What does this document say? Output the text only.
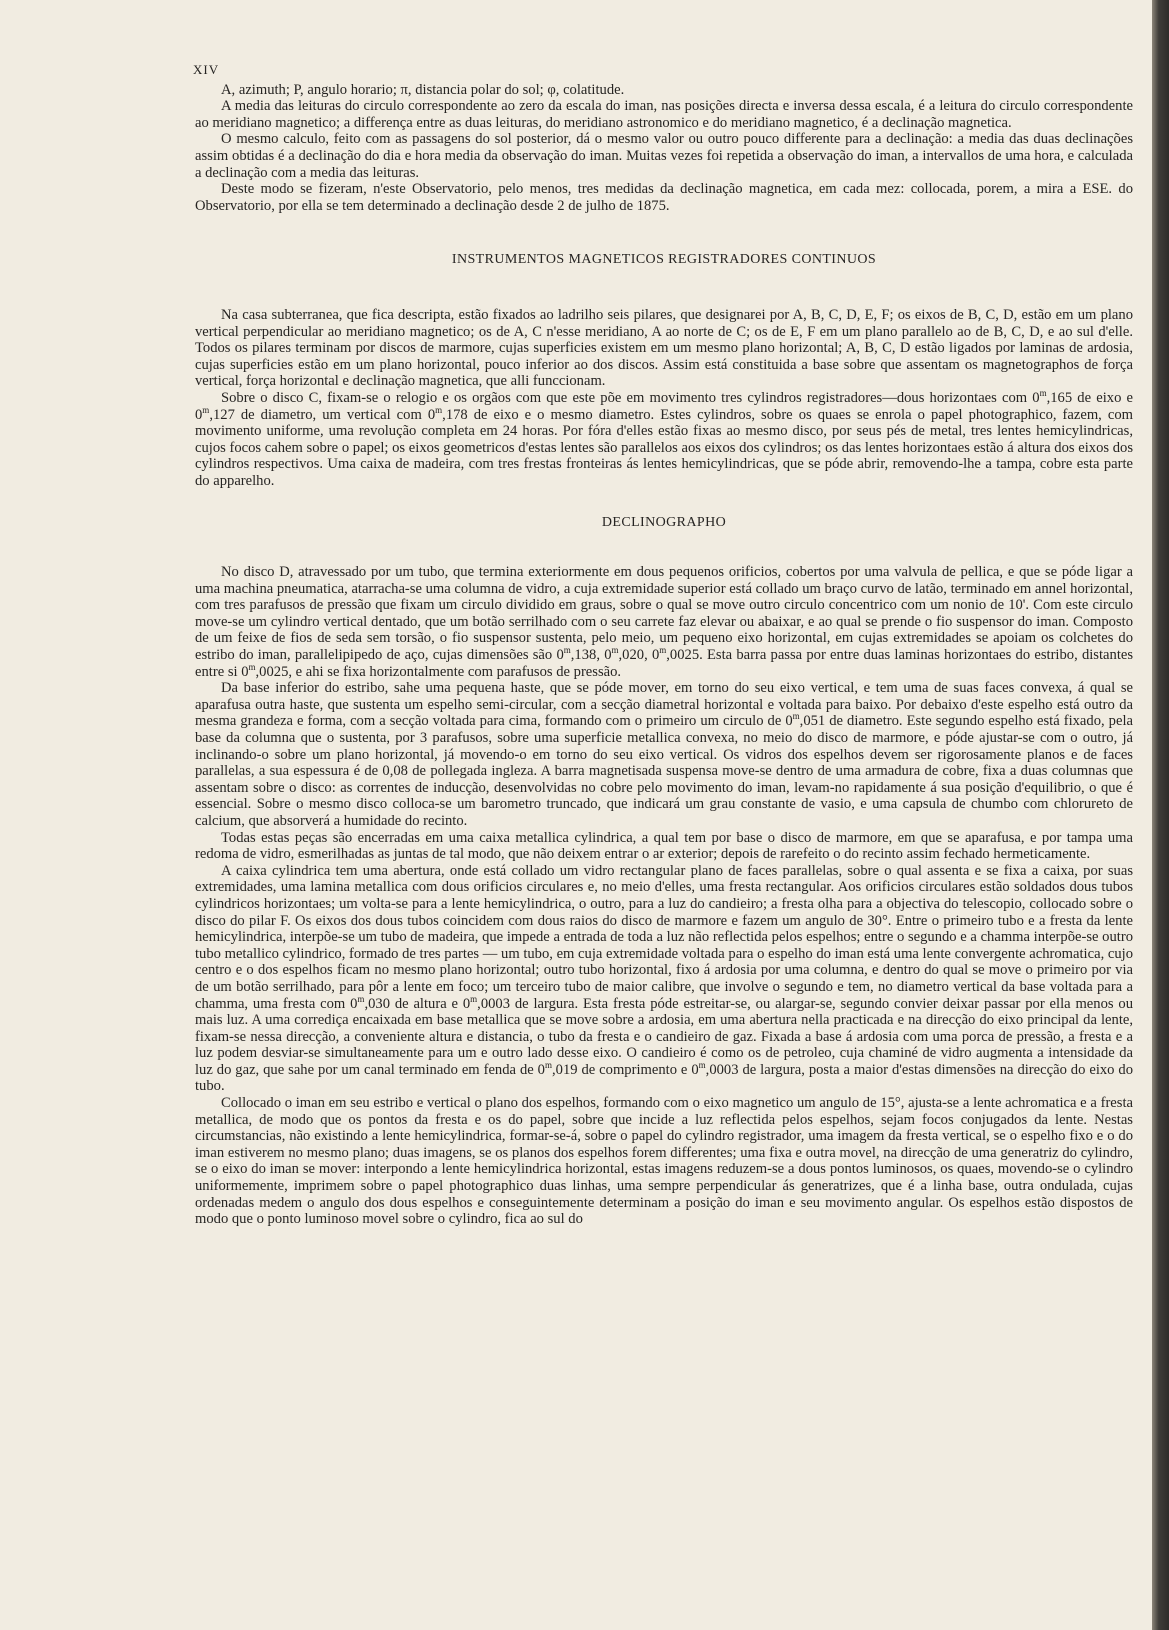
XIV

A, azimuth; P, angulo horario; π, distancia polar do sol; φ, colatitude.

A media das leituras do circulo correspondente ao zero da escala do iman, nas posições directa e inversa dessa escala, é a leitura do circulo correspondente ao meridiano magnetico; a differença entre as duas leituras, do meridiano astronomico e do meridiano magnetico, é a declinação magnetica.

O mesmo calculo, feito com as passagens do sol posterior, dá o mesmo valor ou outro pouco differente para a declinação: a media das duas declinações assim obtidas é a declinação do dia e hora media da observação do iman. Muitas vezes foi repetida a observação do iman, a intervallos de uma hora, e calculada a declinação com a media das leituras.

Deste modo se fizeram, n'este Observatorio, pelo menos, tres medidas da declinação magnetica, em cada mez: collocada, porem, a mira a ESE. do Observatorio, por ella se tem determinado a declinação desde 2 de julho de 1875.

INSTRUMENTOS MAGNETICOS REGISTRADORES CONTINUOS

Na casa subterranea, que fica descripta, estão fixados ao ladrilho seis pilares, que designarei por A, B, C, D, E, F; os eixos de B, C, D, estão em um plano vertical perpendicular ao meridiano magnetico; os de A, C n'esse meridiano, A ao norte de C; os de E, F em um plano parallelo ao de B, C, D, e ao sul d'elle. Todos os pilares terminam por discos de marmore, cujas superficies existem em um mesmo plano horizontal; A, B, C, D estão ligados por laminas de ardosia, cujas superficies estão em um plano horizontal, pouco inferior ao dos discos. Assim está constituida a base sobre que assentam os magnetographos de força vertical, força horizontal e declinação magnetica, que alli funccionam.

Sobre o disco C, fixam-se o relogio e os orgãos com que este põe em movimento tres cylindros registradores—dous horizontaes com 0$^m$,165 de eixo e 0$^m$,127 de diametro, um vertical com 0$^m$,178 de eixo e o mesmo diametro. Estes cylindros, sobre os quaes se enrola o papel photographico, fazem, com movimento uniforme, uma revolução completa em 24 horas. Por fóra d'elles estão fixas ao mesmo disco, por seus pés de metal, tres lentes hemicylindricas, cujos focos cahem sobre o papel; os eixos geometricos d'estas lentes são parallelos aos eixos dos cylindros; os das lentes horizontaes estão á altura dos eixos dos cylindros respectivos. Uma caixa de madeira, com tres frestas fronteiras ás lentes hemicylindricas, que se póde abrir, removendo-lhe a tampa, cobre esta parte do apparelho.

DECLINOGRAPHO

No disco D, atravessado por um tubo, que termina exteriormente em dous pequenos orificios, cobertos por uma valvula de pellica, e que se póde ligar a uma machina pneumatica, atarracha-se uma columna de vidro, a cuja extremidade superior está collado um braço curvo de latão, terminado em annel horizontal, com tres parafusos de pressão que fixam um circulo dividido em graus, sobre o qual se move outro circulo concentrico com um nonio de 10'. Com este circulo move-se um cylindro vertical dentado, que um botão serrilhado com o seu carrete faz elevar ou abaixar, e ao qual se prende o fio suspensor do iman. Composto de um feixe de fios de seda sem torsão, o fio suspensor sustenta, pelo meio, um pequeno eixo horizontal, em cujas extremidades se apoiam os colchetes do estribo do iman, parallelipipedo de aço, cujas dimensões são 0$^m$,138, 0$^m$,020, 0$^m$,0025. Esta barra passa por entre duas laminas horizontaes do estribo, distantes entre si 0$^m$,0025, e ahi se fixa horizontalmente com parafusos de pressão.

Da base inferior do estribo, sahe uma pequena haste, que se póde mover, em torno do seu eixo vertical, e tem uma de suas faces convexa, á qual se aparafusa outra haste, que sustenta um espelho semi-circular, com a secção diametral horizontal e voltada para baixo. Por debaixo d'este espelho está outro da mesma grandeza e forma, com a secção voltada para cima, formando com o primeiro um circulo de 0$^m$,051 de diametro. Este segundo espelho está fixado, pela base da columna que o sustenta, por 3 parafusos, sobre uma superficie metallica convexa, no meio do disco de marmore, e póde ajustar-se com o outro, já inclinando-o sobre um plano horizontal, já movendo-o em torno do seu eixo vertical. Os vidros dos espelhos devem ser rigorosamente planos e de faces parallelas, a sua espessura é de 0,08 de pollegada ingleza. A barra magnetisada suspensa move-se dentro de uma armadura de cobre, fixa a duas columnas que assentam sobre o disco: as correntes de inducção, desenvolvidas no cobre pelo movimento do iman, levam-no rapidamente á sua posição d'equilibrio, o que é essencial. Sobre o mesmo disco colloca-se um barometro truncado, que indicará um grau constante de vasio, e uma capsula de chumbo com chlorureto de calcium, que absorverá a humidade do recinto.

Todas estas peças são encerradas em uma caixa metallica cylindrica, a qual tem por base o disco de marmore, em que se aparafusa, e por tampa uma redoma de vidro, esmerilhadas as juntas de tal modo, que não deixem entrar o ar exterior; depois de rarefeito o do recinto assim fechado hermeticamente.

A caixa cylindrica tem uma abertura, onde está collado um vidro rectangular plano de faces parallelas, sobre o qual assenta e se fixa a caixa, por suas extremidades, uma lamina metallica com dous orificios circulares e, no meio d'elles, uma fresta rectangular. Aos orificios circulares estão soldados dous tubos cylindricos horizontaes; um volta-se para a lente hemicylindrica, o outro, para a luz do candieiro; a fresta olha para a objectiva do telescopio, collocado sobre o disco do pilar F. Os eixos dos dous tubos coincidem com dous raios do disco de marmore e fazem um angulo de 30°. Entre o primeiro tubo e a fresta da lente hemicylindrica, interpõe-se um tubo de madeira, que impede a entrada de toda a luz não reflectida pelos espelhos; entre o segundo e a chamma interpõe-se outro tubo metallico cylindrico, formado de tres partes — um tubo, em cuja extremidade voltada para o espelho do iman está uma lente convergente achromatica, cujo centro e o dos espelhos ficam no mesmo plano horizontal; outro tubo horizontal, fixo á ardosia por uma columna, e dentro do qual se move o primeiro por via de um botão serrilhado, para pôr a lente em foco; um terceiro tubo de maior calibre, que involve o segundo e tem, no diametro vertical da base voltada para a chamma, uma fresta com 0$^m$,030 de altura e 0$^m$,0003 de largura. Esta fresta póde estreitar-se, ou alargar-se, segundo convier deixar passar por ella menos ou mais luz. A uma corrediça encaixada em base metallica que se move sobre a ardosia, em uma abertura nella practicada e na direcção do eixo principal da lente, fixam-se nessa direcção, a conveniente altura e distancia, o tubo da fresta e o candieiro de gaz. Fixada a base á ardosia com uma porca de pressão, a fresta e a luz podem desviar-se simultaneamente para um e outro lado desse eixo. O candieiro é como os de petroleo, cuja chaminé de vidro augmenta a intensidade da luz do gaz, que sahe por um canal terminado em fenda de 0$^m$,019 de comprimento e 0$^m$,0003 de largura, posta a maior d'estas dimensões na direcção do eixo do tubo.

Collocado o iman em seu estribo e vertical o plano dos espelhos, formando com o eixo magnetico um angulo de 15°, ajusta-se a lente achromatica e a fresta metallica, de modo que os pontos da fresta e os do papel, sobre que incide a luz reflectida pelos espelhos, sejam focos conjugados da lente. Nestas circumstancias, não existindo a lente hemicylindrica, formar-se-á, sobre o papel do cylindro registrador, uma imagem da fresta vertical, se o espelho fixo e o do iman estiverem no mesmo plano; duas imagens, se os planos dos espelhos forem differentes; uma fixa e outra movel, na direcção de uma generatriz do cylindro, se o eixo do iman se mover: interpondo a lente hemicylindrica horizontal, estas imagens reduzem-se a dous pontos luminosos, os quaes, movendo-se o cylindro uniformemente, imprimem sobre o papel photographico duas linhas, uma sempre perpendicular ás generatrizes, que é a linha base, outra ondulada, cujas ordenadas medem o angulo dos dous espelhos e conseguintemente determinam a posição do iman e seu movimento angular. Os espelhos estão dispostos de modo que o ponto luminoso movel sobre o cylindro, fica ao sul do
